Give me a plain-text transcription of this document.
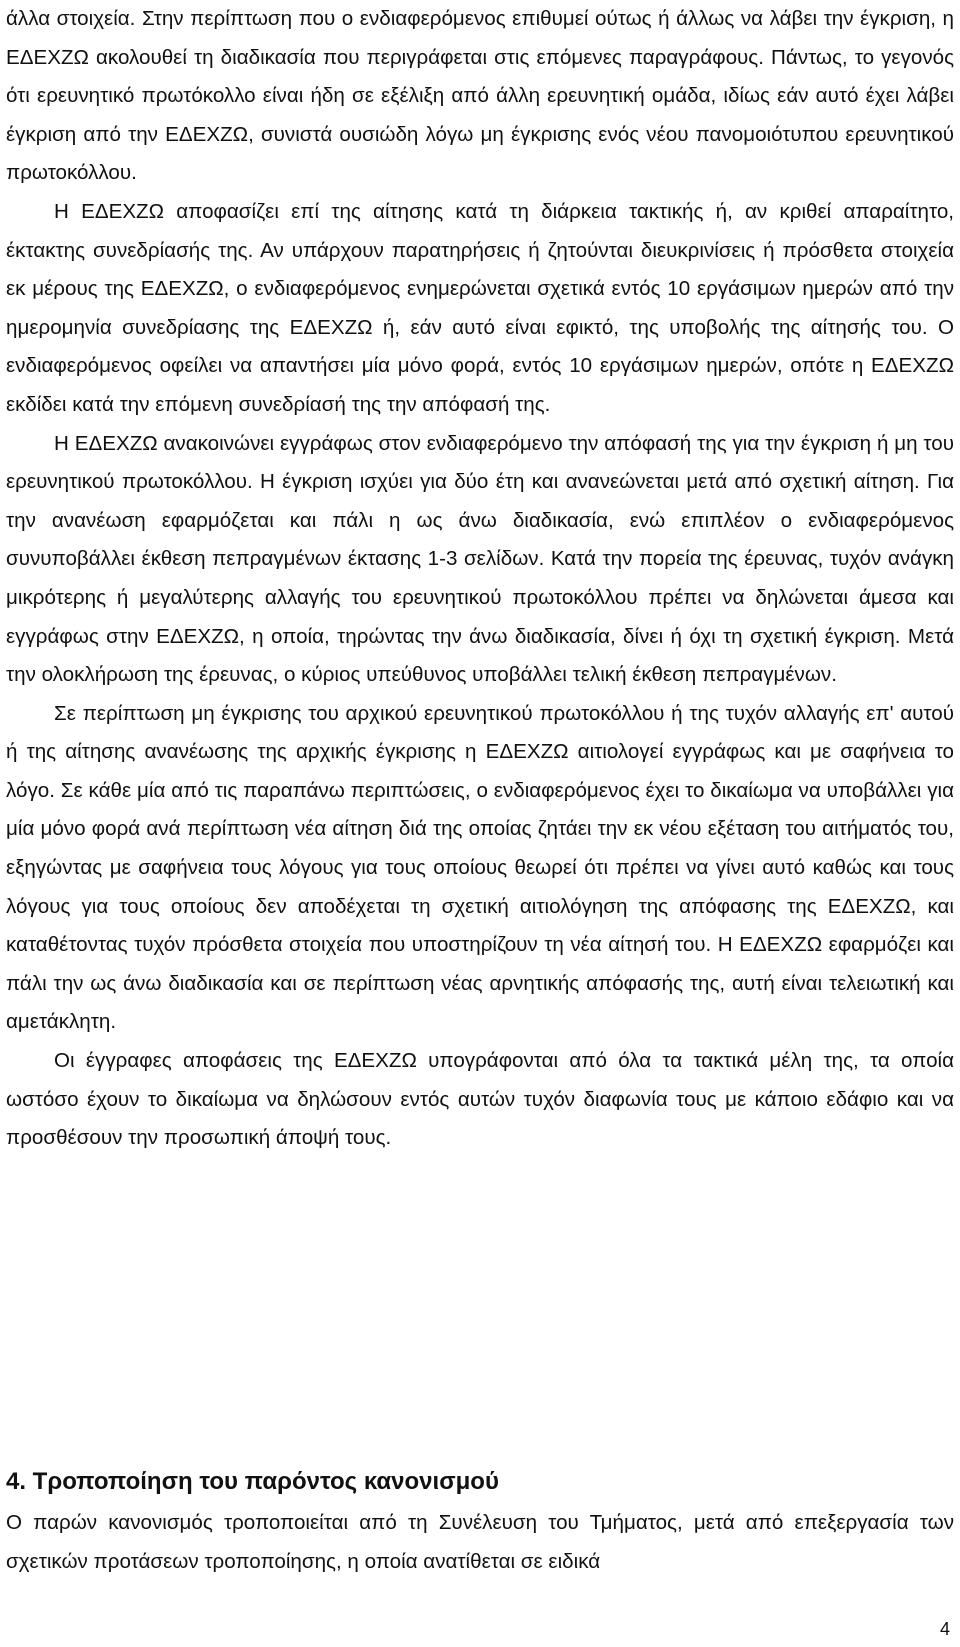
άλλα στοιχεία. Στην περίπτωση που ο ενδιαφερόμενος επιθυμεί ούτως ή άλλως να λάβει την έγκριση, η ΕΔΕΧΖΩ ακολουθεί τη διαδικασία που περιγράφεται στις επόμενες παραγράφους. Πάντως, το γεγονός ότι ερευνητικό πρωτόκολλο είναι ήδη σε εξέλιξη από άλλη ερευνητική ομάδα, ιδίως εάν αυτό έχει λάβει έγκριση από την ΕΔΕΧΖΩ, συνιστά ουσιώδη λόγω μη έγκρισης ενός νέου πανομοιότυπου ερευνητικού πρωτοκόλλου.

Η ΕΔΕΧΖΩ αποφασίζει επί της αίτησης κατά τη διάρκεια τακτικής ή, αν κριθεί απαραίτητο, έκτακτης συνεδρίασής της. Αν υπάρχουν παρατηρήσεις ή ζητούνται διευκρινίσεις ή πρόσθετα στοιχεία εκ μέρους της ΕΔΕΧΖΩ, ο ενδιαφερόμενος ενημερώνεται σχετικά εντός 10 εργάσιμων ημερών από την ημερομηνία συνεδρίασης της ΕΔΕΧΖΩ ή, εάν αυτό είναι εφικτό, της υποβολής της αίτησής του. Ο ενδιαφερόμενος οφείλει να απαντήσει μία μόνο φορά, εντός 10 εργάσιμων ημερών, οπότε η ΕΔΕΧΖΩ εκδίδει κατά την επόμενη συνεδρίασή της την απόφασή της.

Η ΕΔΕΧΖΩ ανακοινώνει εγγράφως στον ενδιαφερόμενο την απόφασή της για την έγκριση ή μη του ερευνητικού πρωτοκόλλου. Η έγκριση ισχύει για δύο έτη και ανανεώνεται μετά από σχετική αίτηση. Για την ανανέωση εφαρμόζεται και πάλι η ως άνω διαδικασία, ενώ επιπλέον ο ενδιαφερόμενος συνυποβάλλει έκθεση πεπραγμένων έκτασης 1-3 σελίδων. Κατά την πορεία της έρευνας, τυχόν ανάγκη μικρότερης ή μεγαλύτερης αλλαγής του ερευνητικού πρωτοκόλλου πρέπει να δηλώνεται άμεσα και εγγράφως στην ΕΔΕΧΖΩ, η οποία, τηρώντας την άνω διαδικασία, δίνει ή όχι τη σχετική έγκριση. Μετά την ολοκλήρωση της έρευνας, ο κύριος υπεύθυνος υποβάλλει τελική έκθεση πεπραγμένων.

Σε περίπτωση μη έγκρισης του αρχικού ερευνητικού πρωτοκόλλου ή της τυχόν αλλαγής επ' αυτού ή της αίτησης ανανέωσης της αρχικής έγκρισης η ΕΔΕΧΖΩ αιτιολογεί εγγράφως και με σαφήνεια το λόγο. Σε κάθε μία από τις παραπάνω περιπτώσεις, ο ενδιαφερόμενος έχει το δικαίωμα να υποβάλλει για μία μόνο φορά ανά περίπτωση νέα αίτηση διά της οποίας ζητάει την εκ νέου εξέταση του αιτήματός του, εξηγώντας με σαφήνεια τους λόγους για τους οποίους θεωρεί ότι πρέπει να γίνει αυτό καθώς και τους λόγους για τους οποίους δεν αποδέχεται τη σχετική αιτιολόγηση της απόφασης της ΕΔΕΧΖΩ, και καταθέτοντας τυχόν πρόσθετα στοιχεία που υποστηρίζουν τη νέα αίτησή του. Η ΕΔΕΧΖΩ εφαρμόζει και πάλι την ως άνω διαδικασία και σε περίπτωση νέας αρνητικής απόφασής της, αυτή είναι τελειωτική και αμετάκλητη.

Οι έγγραφες αποφάσεις της ΕΔΕΧΖΩ υπογράφονται από όλα τα τακτικά μέλη της, τα οποία ωστόσο έχουν το δικαίωμα να δηλώσουν εντός αυτών τυχόν διαφωνία τους με κάποιο εδάφιο και να προσθέσουν την προσωπική άποψή τους.

4. Τροποποίηση του παρόντος κανονισμού

Ο παρών κανονισμός τροποποιείται από τη Συνέλευση του Τμήματος, μετά από επεξεργασία των σχετικών προτάσεων τροποποίησης, η οποία ανατίθεται σε ειδικά

4
